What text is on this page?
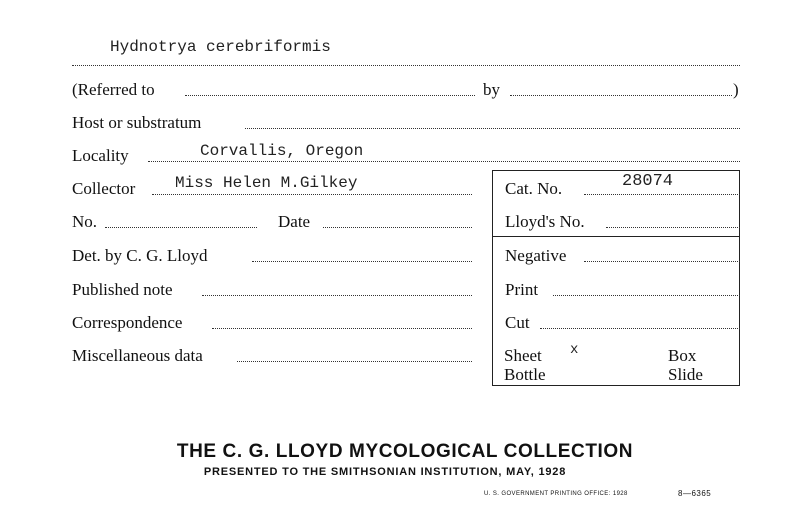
Hydnotrya cerebriformis
(Referred to	by	)
Host or substratum
Locality	Corvallis, Oregon
Collector Miss Helen M.Gilkey	Cat. No.	28074
No.	Date	Lloyd's No.
Det. by C. G. Lloyd	Negative
Published note	Print
Correspondence	Cut
Miscellaneous data	Sheet x	Box
Bottle	Slide
THE C. G. LLOYD MYCOLOGICAL COLLECTION
PRESENTED TO THE SMITHSONIAN INSTITUTION, MAY, 1928
U. S. GOVERNMENT PRINTING OFFICE: 1928	8—6365
